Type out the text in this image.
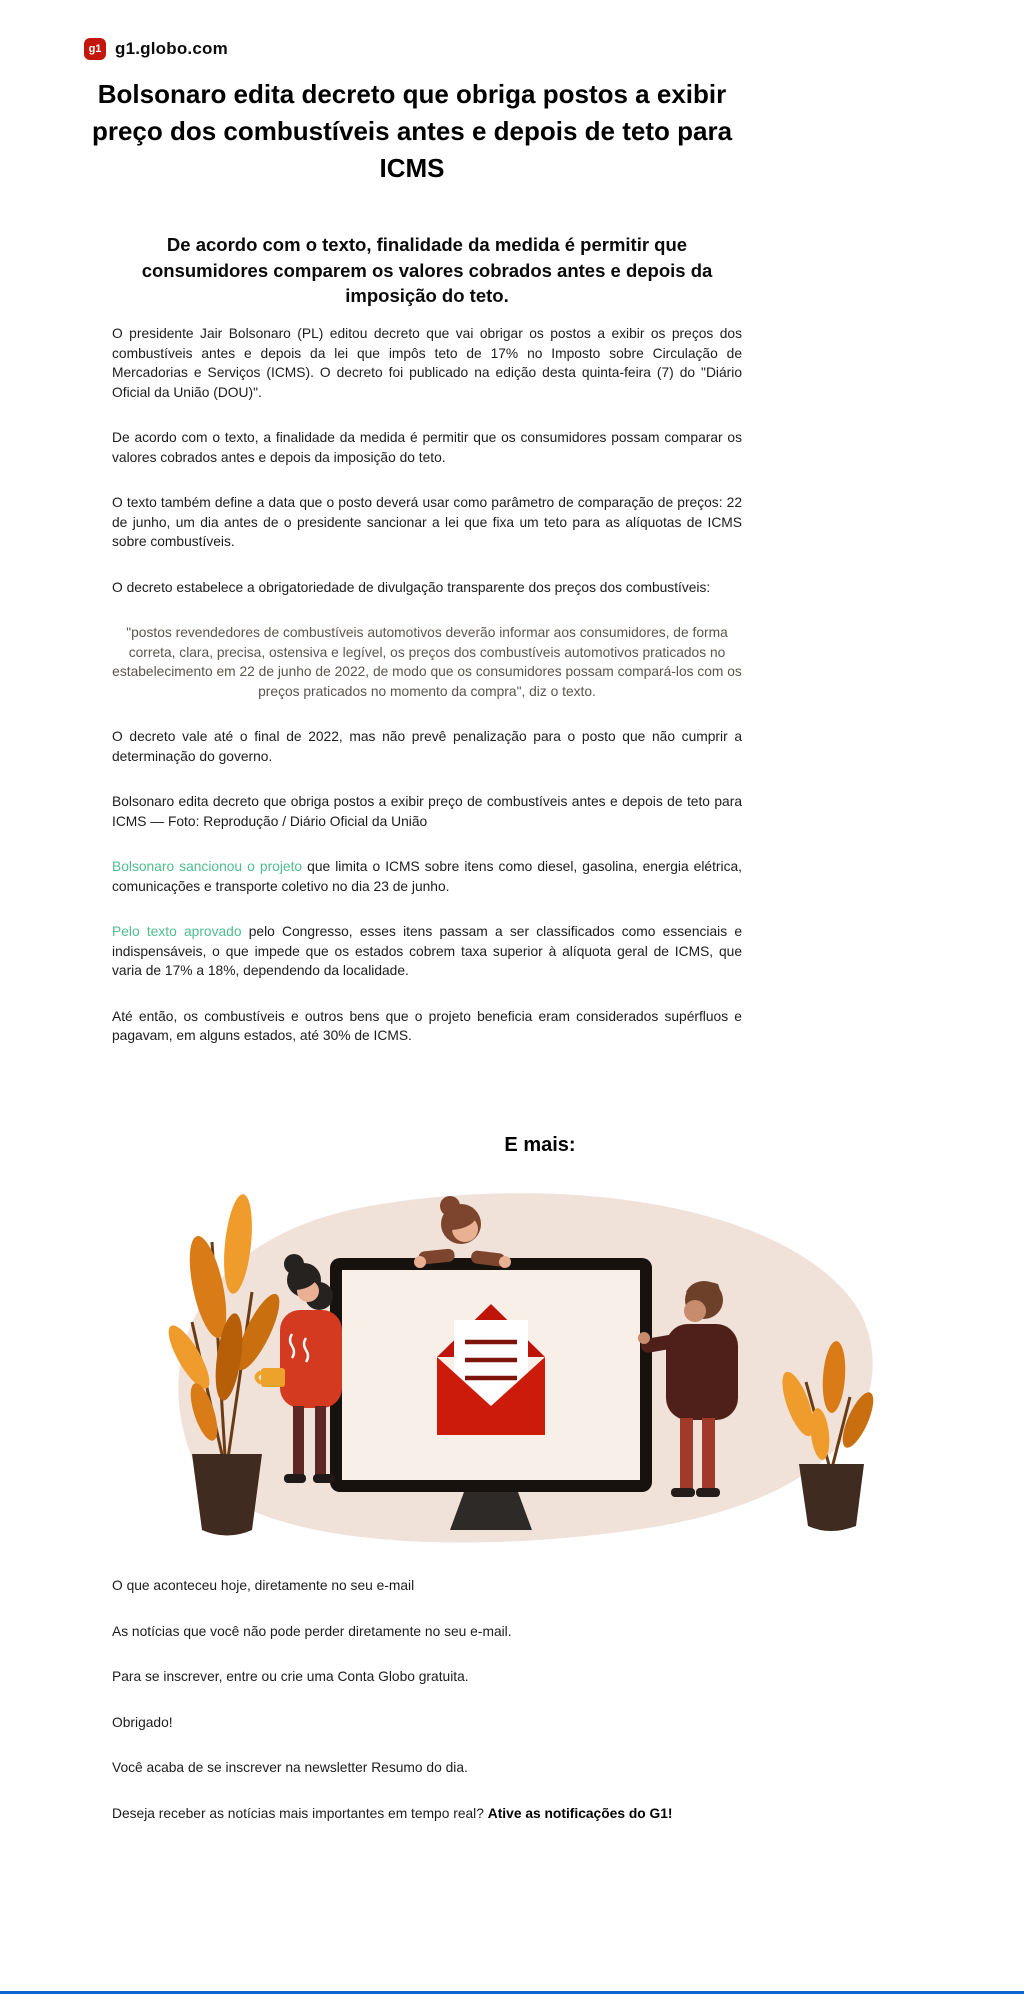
g1 g1.globo.com
Bolsonaro edita decreto que obriga postos a exibir preço dos combustíveis antes e depois de teto para ICMS
De acordo com o texto, finalidade da medida é permitir que consumidores comparem os valores cobrados antes e depois da imposição do teto.

O presidente Jair Bolsonaro (PL) editou decreto que vai obrigar os postos a exibir os preços dos combustíveis antes e depois da lei que impôs teto de 17% no Imposto sobre Circulação de Mercadorias e Serviços (ICMS). O decreto foi publicado na edição desta quinta-feira (7) do "Diário Oficial da União (DOU)".

De acordo com o texto, a finalidade da medida é permitir que os consumidores possam comparar os valores cobrados antes e depois da imposição do teto.

O texto também define a data que o posto deverá usar como parâmetro de comparação de preços: 22 de junho, um dia antes de o presidente sancionar a lei que fixa um teto para as alíquotas de ICMS sobre combustíveis.

O decreto estabelece a obrigatoriedade de divulgação transparente dos preços dos combustíveis:

"postos revendedores de combustíveis automotivos deverão informar aos consumidores, de forma correta, clara, precisa, ostensiva e legível, os preços dos combustíveis automotivos praticados no estabelecimento em 22 de junho de 2022, de modo que os consumidores possam compará-los com os preços praticados no momento da compra", diz o texto.

O decreto vale até o final de 2022, mas não prevê penalização para o posto que não cumprir a determinação do governo.

Bolsonaro edita decreto que obriga postos a exibir preço de combustíveis antes e depois de teto para ICMS — Foto: Reprodução / Diário Oficial da União

Bolsonaro sancionou o projeto que limita o ICMS sobre itens como diesel, gasolina, energia elétrica, comunicações e transporte coletivo no dia 23 de junho.

Pelo texto aprovado pelo Congresso, esses itens passam a ser classificados como essenciais e indispensáveis, o que impede que os estados cobrem taxa superior à alíquota geral de ICMS, que varia de 17% a 18%, dependendo da localidade.

Até então, os combustíveis e outros bens que o projeto beneficia eram considerados supérfluos e pagavam, em alguns estados, até 30% de ICMS.

E mais:

O que aconteceu hoje, diretamente no seu e-mail

As notícias que você não pode perder diretamente no seu e-mail.

Para se inscrever, entre ou crie uma Conta Globo gratuita.

Obrigado!

Você acaba de se inscrever na newsletter Resumo do dia.

Deseja receber as notícias mais importantes em tempo real? Ative as notificações do G1!
